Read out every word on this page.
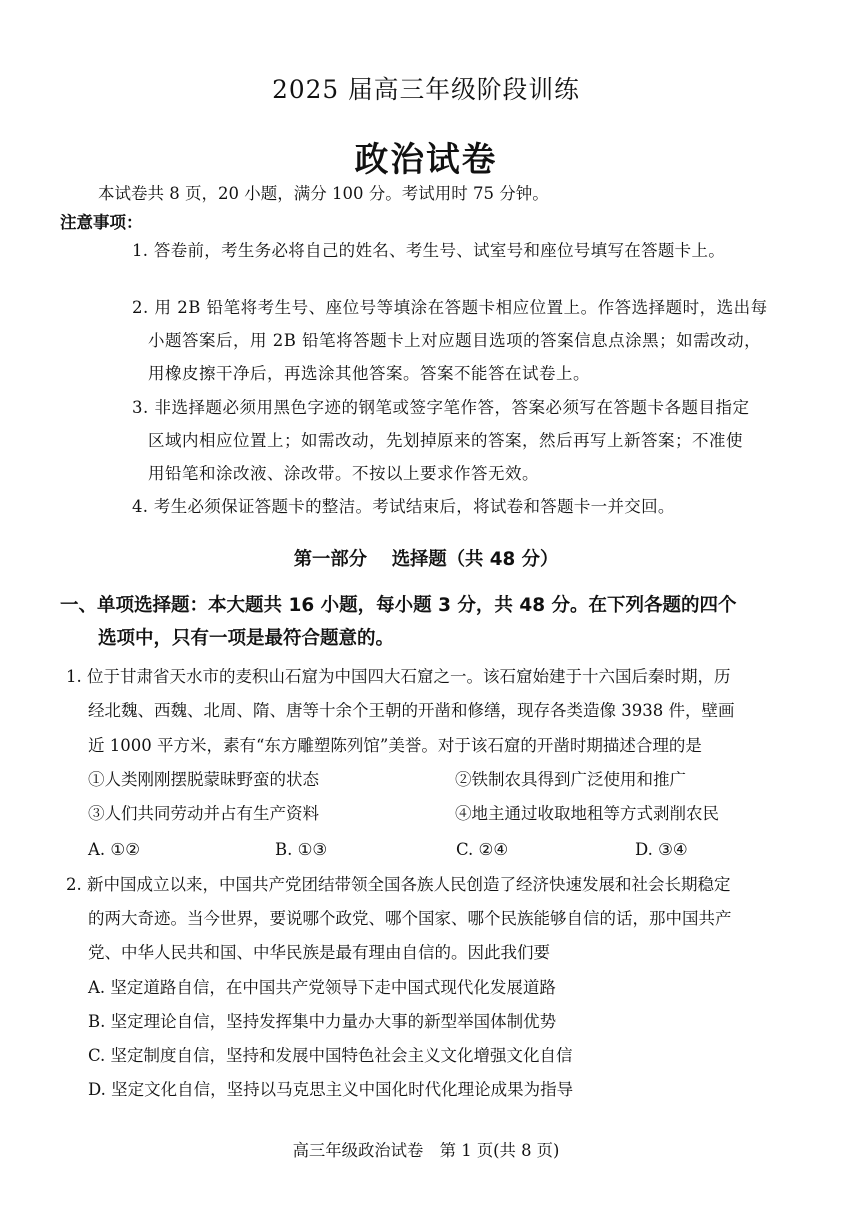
2025 届高三年级阶段训练
政治试卷
本试卷共 8 页，20 小题，满分 100 分。考试用时 75 分钟。
注意事项：
1. 答卷前，考生务必将自己的姓名、考生号、试室号和座位号填写在答题卡上。
2. 用 2B 铅笔将考生号、座位号等填涂在答题卡相应位置上。作答选择题时，选出每
小题答案后，用 2B 铅笔将答题卡上对应题目选项的答案信息点涂黑；如需改动，
用橡皮擦干净后，再选涂其他答案。答案不能答在试卷上。
3. 非选择题必须用黑色字迹的钢笔或签字笔作答，答案必须写在答题卡各题目指定
区域内相应位置上；如需改动，先划掉原来的答案，然后再写上新答案；不准使
用铅笔和涂改液、涂改带。不按以上要求作答无效。
4. 考生必须保证答题卡的整洁。考试结束后，将试卷和答题卡一并交回。
第一部分　 选择题（共 48 分）
一、单项选择题：本大题共 16 小题，每小题 3 分，共 48 分。在下列各题的四个
选项中，只有一项是最符合题意的。
1. 位于甘肃省天水市的麦积山石窟为中国四大石窟之一。该石窟始建于十六国后秦时期，历
经北魏、西魏、北周、隋、唐等十余个王朝的开凿和修缮，现存各类造像 3938 件，壁画
近 1000 平方米，素有“东方雕塑陈列馆”美誉。对于该石窟的开凿时期描述合理的是
①人类刚刚摆脱蒙昧野蛮的状态	②铁制农具得到广泛使用和推广
③人们共同劳动并占有生产资料	④地主通过收取地租等方式剥削农民
A. ①②	B. ①③	C. ②④	D. ③④
2. 新中国成立以来，中国共产党团结带领全国各族人民创造了经济快速发展和社会长期稳定
的两大奇迹。当今世界，要说哪个政党、哪个国家、哪个民族能够自信的话，那中国共产
党、中华人民共和国、中华民族是最有理由自信的。因此我们要
A. 坚定道路自信，在中国共产党领导下走中国式现代化发展道路
B. 坚定理论自信，坚持发挥集中力量办大事的新型举国体制优势
C. 坚定制度自信，坚持和发展中国特色社会主义文化增强文化自信
D. 坚定文化自信，坚持以马克思主义中国化时代化理论成果为指导
高三年级政治试卷　第 1 页(共 8 页)
